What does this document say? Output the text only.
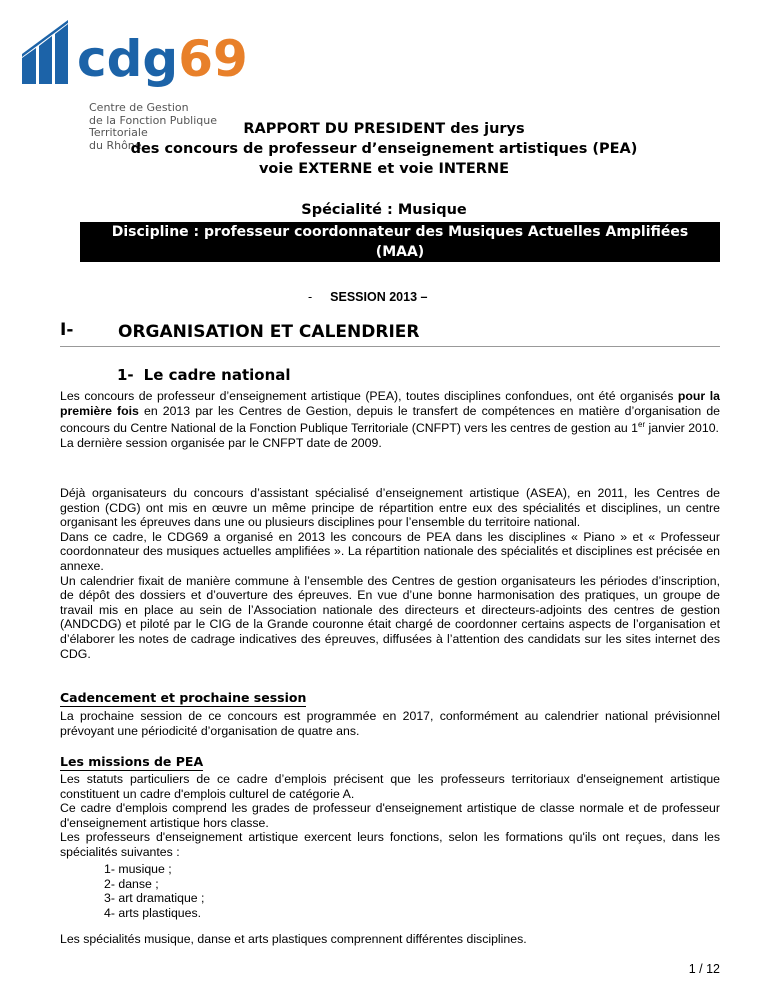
cdg69
Centre de Gestion
de la Fonction Publique Territoriale
du Rhône
RAPPORT DU PRESIDENT des jurys
des concours de professeur d’enseignement artistiques (PEA)
voie EXTERNE et voie INTERNE
Spécialité : Musique
Discipline : professeur coordonnateur des Musiques Actuelles Amplifiées
(MAA)
- SESSION 2013 –
I-	ORGANISATION ET CALENDRIER
1- Le cadre national

Les concours de professeur d’enseignement artistique (PEA), toutes disciplines confondues, ont été organisés pour la première fois en 2013 par les Centres de Gestion, depuis le transfert de compétences en matière d’organisation de concours du Centre National de la Fonction Publique Territoriale (CNFPT) vers les centres de gestion au 1er janvier 2010.

La dernière session organisée par le CNFPT date de 2009.

Déjà organisateurs du concours d’assistant spécialisé d’enseignement artistique (ASEA), en 2011, les Centres de gestion (CDG) ont mis en œuvre un même principe de répartition entre eux des spécialités et disciplines, un centre organisant les épreuves dans une ou plusieurs disciplines pour l’ensemble du territoire national.

Dans ce cadre, le CDG69 a organisé en 2013 les concours de PEA dans les disciplines « Piano » et « Professeur coordonnateur des musiques actuelles amplifiées ». La répartition nationale des spécialités et disciplines est précisée en annexe.

Un calendrier fixait de manière commune à l’ensemble des Centres de gestion organisateurs les périodes d’inscription, de dépôt des dossiers et d’ouverture des épreuves. En vue d’une bonne harmonisation des pratiques, un groupe de travail mis en place au sein de l’Association nationale des directeurs et directeurs-adjoints des centres de gestion (ANDCDG) et piloté par le CIG de la Grande couronne était chargé de coordonner certains aspects de l’organisation et d’élaborer les notes de cadrage indicatives des épreuves, diffusées à l’attention des candidats sur les sites internet des CDG.

Cadencement et prochaine session
La prochaine session de ce concours est programmée en 2017, conformément au calendrier national prévisionnel prévoyant une périodicité d’organisation de quatre ans.
Les missions de PEA

Les statuts particuliers de ce cadre d’emplois précisent que les professeurs territoriaux d'enseignement artistique constituent un cadre d'emplois culturel de catégorie A.

Ce cadre d'emplois comprend les grades de professeur d'enseignement artistique de classe normale et de professeur d'enseignement artistique hors classe.

Les professeurs d'enseignement artistique exercent leurs fonctions, selon les formations qu'ils ont reçues, dans les spécialités suivantes :

1- musique ;
2- danse ;
3- art dramatique ;
4- arts plastiques.
Les spécialités musique, danse et arts plastiques comprennent différentes disciplines.
1 / 12
